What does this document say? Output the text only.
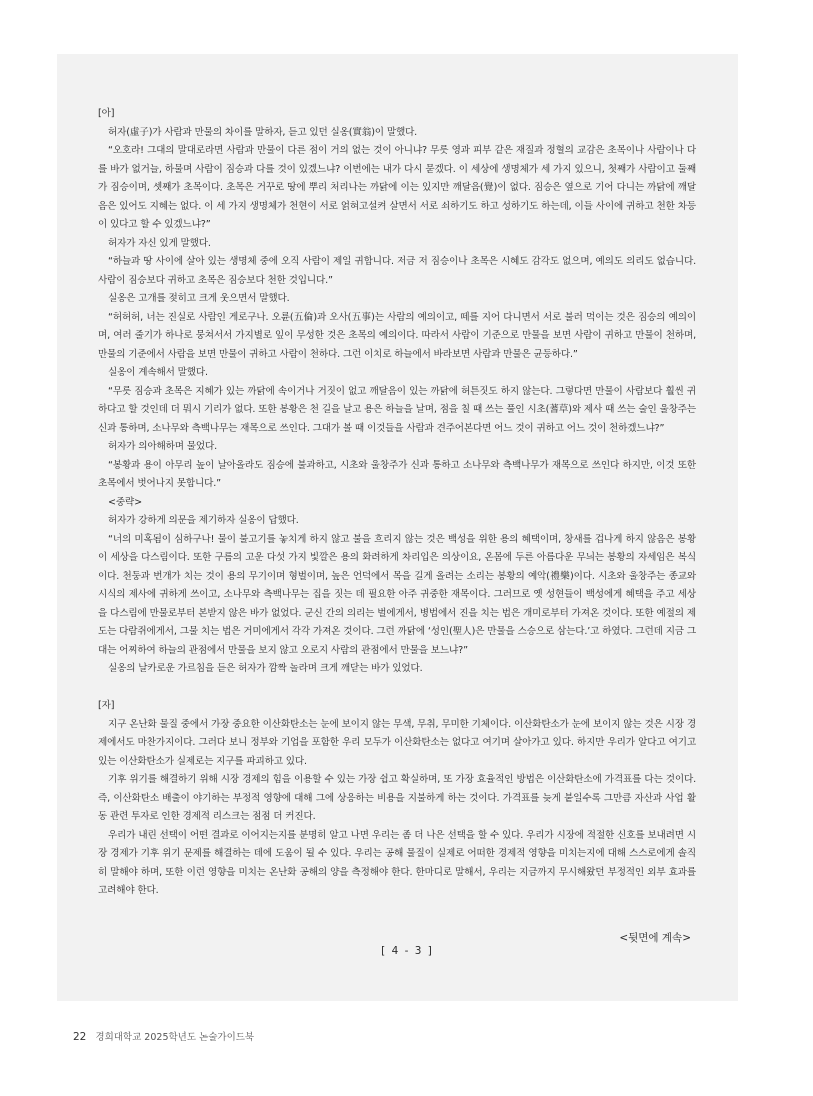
[아]

허자(虛子)가 사람과 만물의 차이를 말하자, 듣고 있던 실옹(實翁)이 말했다.

“오호라! 그대의 말대로라면 사람과 만물이 다른 점이 거의 없는 것이 아니냐? 무릇 영과 피부 같은 재질과 정혈의 교감은 초목이나 사람이나 다를 바가 없거늘, 하물며 사람이 짐승과 다를 것이 있겠느냐? 이번에는 내가 다시 묻겠다. 이 세상에 생명체가 세 가지 있으니, 첫째가 사람이고 둘째가 짐승이며, 셋째가 초목이다. 초목은 거꾸로 땅에 뿌리 처리나는 까닭에 이는 있지만 깨달음(覺)이 없다. 짐승은 옆으로 기어 다니는 까닭에 깨달음은 있어도 지혜는 없다. 이 세 가지 생명체가 천현이 서로 얽혀고설켜 살면서 서로 쇠하기도 하고 성하기도 하는데, 이들 사이에 귀하고 천한 차등이 있다고 할 수 있겠느냐?”

허자가 자신 있게 말했다.

“하늘과 땅 사이에 살아 있는 생명체 중에 오직 사람이 제일 귀합니다. 저금 저 짐승이나 초목은 시혜도 감각도 없으며, 예의도 의리도 없습니다. 사람이 짐승보다 귀하고 초목은 짐승보다 천한 것입니다.”

실옹은 고개를 젖히고 크게 웃으면서 말했다.

“허허허, 너는 진실로 사람인 게로구나. 오륜(五倫)과 오사(五事)는 사람의 예의이고, 떼를 지어 다니면서 서로 불러 먹이는 것은 짐승의 예의이며, 여러 줄기가 하나로 뭉쳐서서 가지별로 잎이 무성한 것은 초목의 예의이다. 따라서 사람이 기준으로 만물을 보면 사람이 귀하고 만물이 천하며, 만물의 기준에서 사람을 보면 만물이 귀하고 사람이 천하다. 그런 이치로 하늘에서 바라보면 사람과 만물은 균등하다.”

실옹이 계속해서 말했다.

“무릇 짐승과 초목은 지혜가 있는 까닭에 속이거나 거짓이 없고 깨달음이 있는 까닭에 허튼짓도 하지 않는다. 그렇다면 만물이 사람보다 훨씬 귀하다고 할 것인데 더 뭐시 기리가 없다. 또한 봉황은 천 길을 날고 용은 하늘을 날며, 점을 칠 때 쓰는 풀인 시초(蓍草)와 제사 때 쓰는 술인 울창주는 신과 통하며, 소나무와 측백나무는 재목으로 쓰인다. 그대가 볼 때 이것들을 사람과 견주어본다면 어느 것이 귀하고 어느 것이 천하겠느냐?”

허자가 의아해하며 물었다.

“봉황과 용이 아무리 높이 날아올라도 짐승에 불과하고, 시초와 울창주가 신과 통하고 소나무와 측백나무가 재목으로 쓰인다 하지만, 이것 또한 초목에서 벗어나지 못합니다.”

<중략>

허자가 강하게 의문을 제기하자 실옹이 답했다.

“너의 미혹됨이 심하구나! 물이 불고기를 놓치게 하지 않고 불을 흐리지 않는 것은 백성을 위한 용의 혜택이며, 창새를 겁나게 하지 않음은 봉황이 세상을 다스림이다. 또한 구름의 고운 다섯 가지 빛깔은 용의 화려하게 차리입은 의상이요, 온몸에 두른 아름다운 무늬는 봉황의 자세임은 복식이다. 천둥과 번개가 치는 것이 용의 무기이며 형벌이며, 높은 언덕에서 목을 길게 올려는 소리는 봉황의 예악(禮樂)이다. 시초와 울창주는 종교와 시식의 제사에 귀하게 쓰이고, 소나무와 측백나무는 집을 짓는 데 필요한 아주 귀중한 재목이다. 그러므로 옛 성현들이 백성에게 혜택을 주고 세상을 다스림에 만물로부터 본받지 않은 바가 없었다. 군신 간의 의리는 벌에게서, 병법에서 진을 치는 법은 개미로부터 가져온 것이다. 또한 예절의 제도는 다람쥐에게서, 그물 치는 법은 거미에게서 각각 가져온 것이다. 그런 까닭에 ‘성인(聖人)은 만물을 스승으로 삼는다.’고 하였다. 그런데 지금 그대는 어찌하여 하늘의 관점에서 만물을 보지 않고 오로지 사람의 관점에서 만물을 보느냐?”

실옹의 날카로운 가르침을 듣은 허자가 깜짝 놀라며 크게 깨닫는 바가 있었다.

[자]

지구 온난화 물질 중에서 가장 중요한 이산화탄소는 눈에 보이지 않는 무색, 무취, 무미한 기체이다. 이산화탄소가 눈에 보이지 않는 것은 시장 경제에서도 마찬가지이다. 그러다 보니 정부와 기업을 포함한 우리 모두가 이산화탄소는 없다고 여기며 살아가고 있다. 하지만 우리가 알다고 여기고 있는 이산화탄소가 실제로는 지구를 파괴하고 있다.

기후 위기를 해결하기 위해 시장 경제의 힘을 이용할 수 있는 가장 쉽고 확실하며, 또 가장 효율적인 방법은 이산화탄소에 가격표를 다는 것이다. 즉, 이산화탄소 배출이 야기하는 부정적 영향에 대해 그에 상응하는 비용을 지불하게 하는 것이다. 가격표를 늦게 붙일수록 그만큼 자산과 사업 활동 관련 투자로 인한 경제적 리스크는 점점 더 커진다.

우리가 내린 선택이 어떤 결과로 이어지는지를 분명히 알고 나면 우리는 좀 더 나은 선택을 할 수 있다. 우리가 시장에 적절한 신호를 보내려면 시장 경제가 기후 위기 문제를 해결하는 데에 도움이 될 수 있다. 우리는 공해 물질이 실제로 어떠한 경제적 영향을 미치는지에 대해 스스로에게 솔직히 말해야 하며, 또한 이런 영향을 미치는 온난화 공해의 양을 측정해야 한다. 한마디로 말해서, 우리는 지금까지 무시해왔던 부정적인 외부 효과를 고려해야 한다.

<뒷면에 계속>
[ 4 - 3 ]
22 경희대학교 2025학년도 논술가이드북
